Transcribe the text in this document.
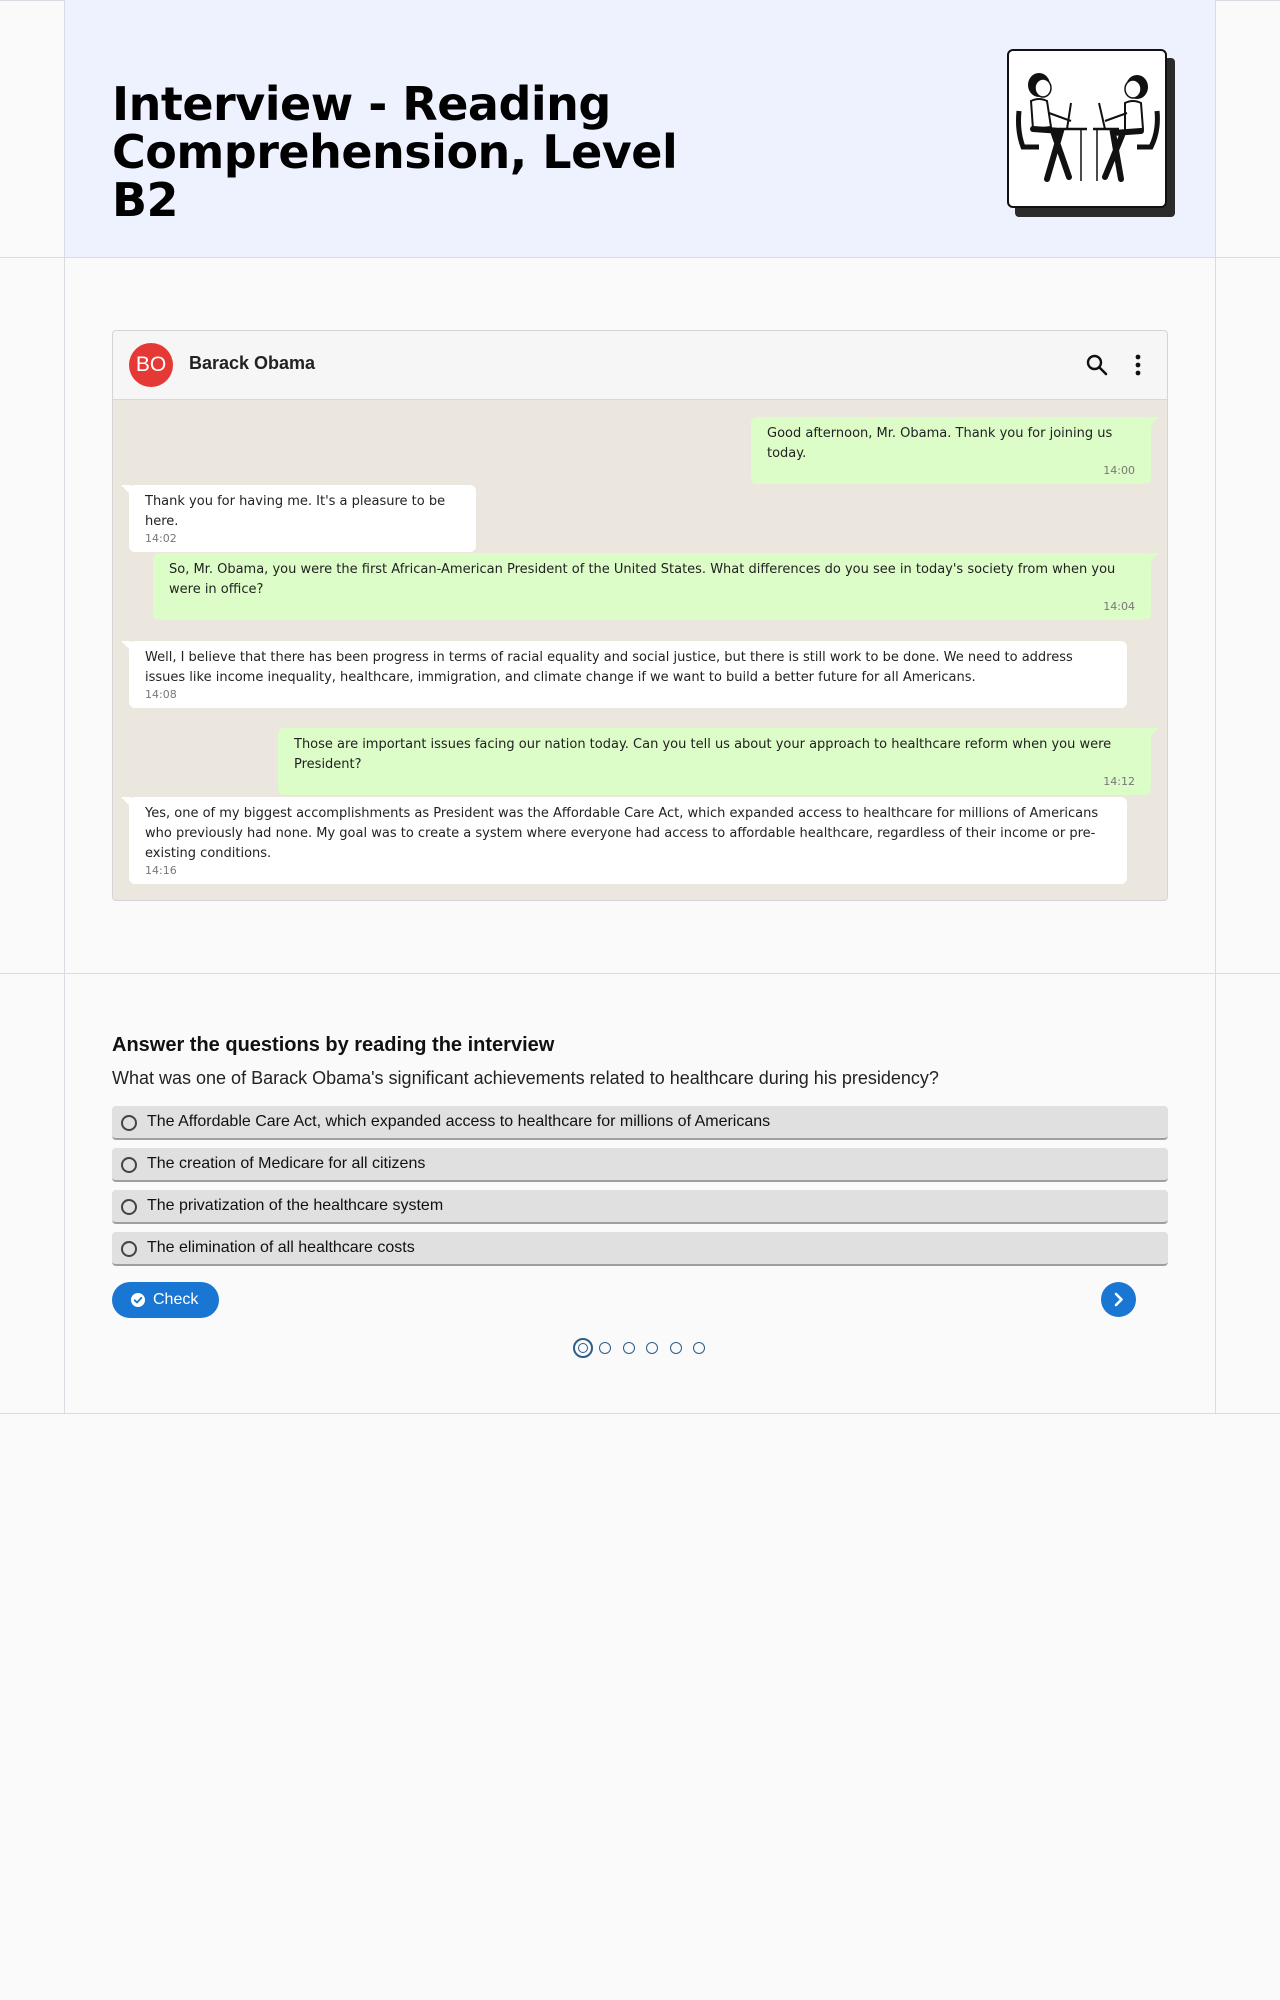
Interview - Reading Comprehension, Level B2
BO	Barack Obama
Good afternoon, Mr. Obama. Thank you for joining us today.
14:00
Thank you for having me. It's a pleasure to be here.
14:02
So, Mr. Obama, you were the first African-American President of the United States. What differences do you see in today's society from when you were in office?
14:04
Well, I believe that there has been progress in terms of racial equality and social justice, but there is still work to be done. We need to address issues like income inequality, healthcare, immigration, and climate change if we want to build a better future for all Americans.
14:08
Those are important issues facing our nation today. Can you tell us about your approach to healthcare reform when you were President?
14:12
Yes, one of my biggest accomplishments as President was the Affordable Care Act, which expanded access to healthcare for millions of Americans who previously had none. My goal was to create a system where everyone had access to affordable healthcare, regardless of their income or pre-existing conditions.
14:16
Answer the questions by reading the interview
What was one of Barack Obama's significant achievements related to healthcare during his presidency?
The Affordable Care Act, which expanded access to healthcare for millions of Americans
The creation of Medicare for all citizens
The privatization of the healthcare system
The elimination of all healthcare costs
Check
